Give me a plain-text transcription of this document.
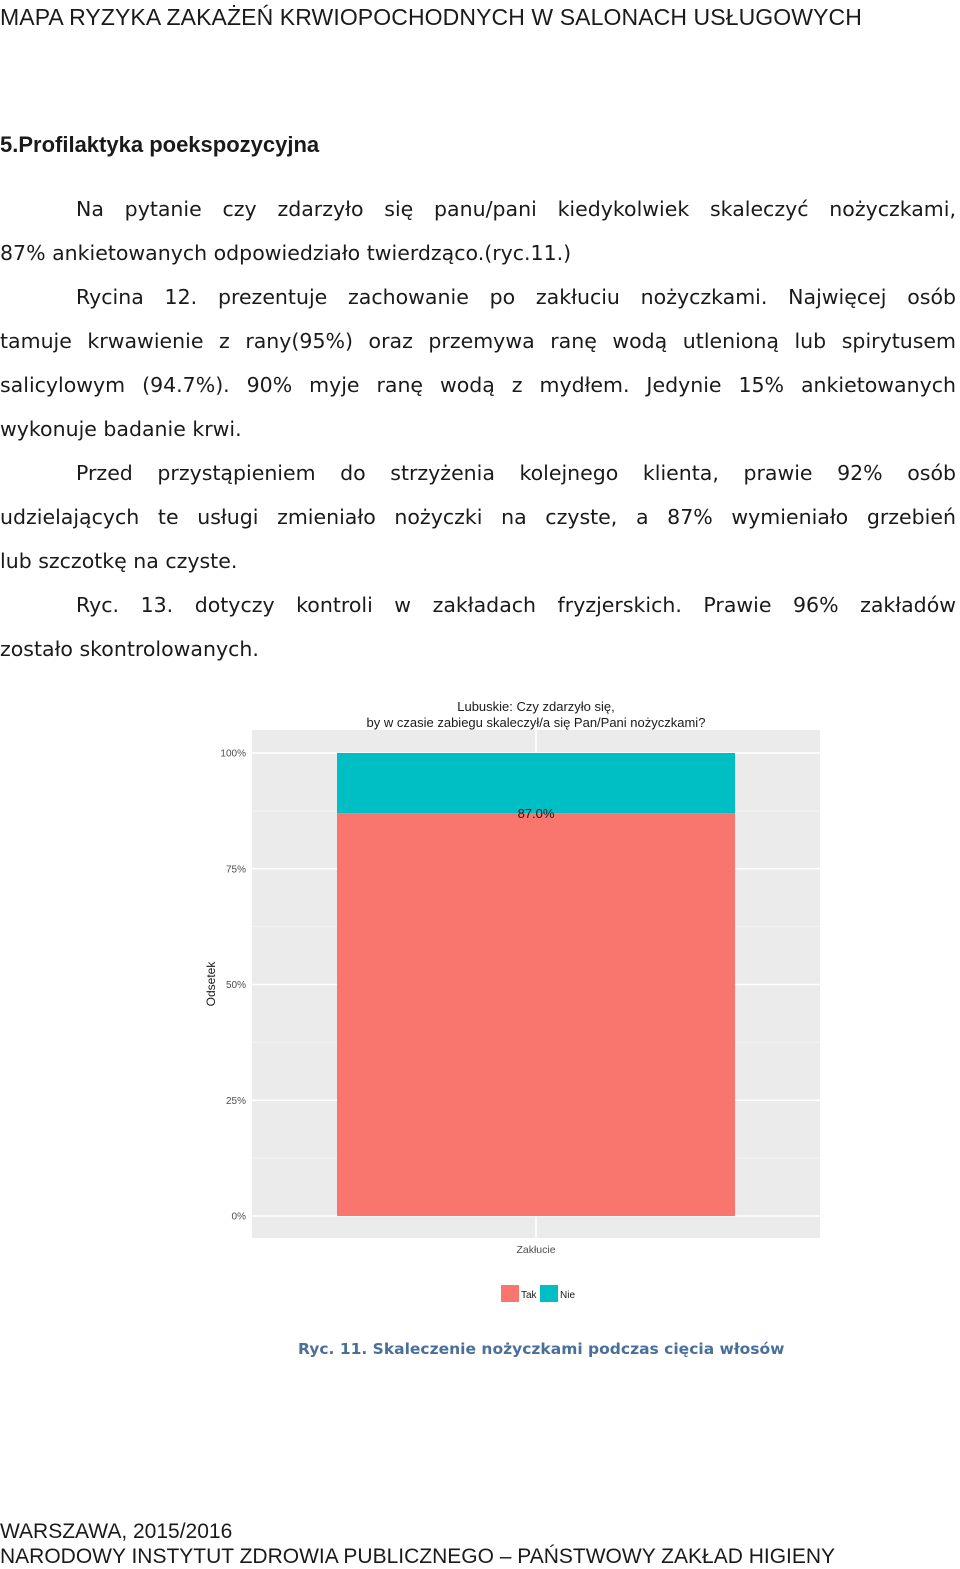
MAPA RYZYKA ZAKAŻEŃ KRWIOPOCHODNYCH W SALONACH USŁUGOWYCH
5.Profilaktyka poekspozycyjna
Na pytanie czy zdarzyło się panu/pani kiedykolwiek skaleczyć nożyczkami,
87% ankietowanych odpowiedziało twierdząco.(ryc.11.)
Rycina 12. prezentuje zachowanie po zakłuciu nożyczkami. Najwięcej osób
tamuje krwawienie z rany(95%) oraz przemywa ranę wodą utlenioną lub spirytusem
salicylowym (94.7%). 90% myje ranę wodą z mydłem. Jedynie 15% ankietowanych
wykonuje badanie krwi.
Przed przystąpieniem do strzyżenia kolejnego klienta, prawie 92% osób
udzielających te usługi zmieniało nożyczki na czyste, a 87% wymieniało grzebień
lub szczotkę na czyste.
Ryc. 13. dotyczy kontroli w zakładach fryzjerskich. Prawie 96% zakładów
zostało skontrolowanych.
Lubuskie: Czy zdarzyło się,
by w czasie zabiegu skaleczył/a się Pan/Pani nożyczkami?
0%
25%
50%
75%
100%
Zakłucie
Odsetek
87.0%
Tak Nie
Ryc. 11. Skaleczenie nożyczkami podczas cięcia włosów
WARSZAWA, 2015/2016
NARODOWY INSTYTUT ZDROWIA PUBLICZNEGO – PAŃSTWOWY ZAKŁAD HIGIENY
